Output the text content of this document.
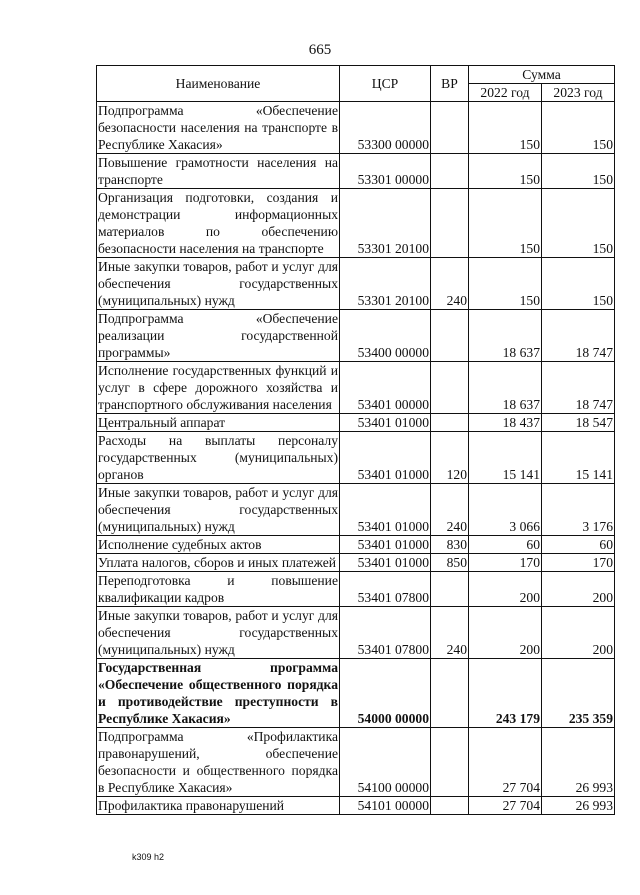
665
Наименование	ЦСР	ВР	Сумма	
			2022 год	2023 год
Подпрограмма «Обеспечение безопасности населения на транспорте в Республике Хакасия»	53300 00000		150	150
Повышение грамотности населения на транспорте	53301 00000		150	150
Организация подготовки, создания и демонстрации информационных материалов по обеспечению безопасности населения на транспорте	53301 20100		150	150
Иные закупки товаров, работ и услуг для обеспечения государственных (муниципальных) нужд	53301 20100	240	150	150
Подпрограмма «Обеспечение реализации государственной программы»	53400 00000		18 637	18 747
Исполнение государственных функций и услуг в сфере дорожного хозяйства и транспортного обслуживания населения	53401 00000		18 637	18 747
Центральный аппарат	53401 01000		18 437	18 547
Расходы на выплаты персоналу государственных (муниципальных) органов	53401 01000	120	15 141	15 141
Иные закупки товаров, работ и услуг для обеспечения государственных (муниципальных) нужд	53401 01000	240	3 066	3 176
Исполнение судебных актов	53401 01000	830	60	60
Уплата налогов, сборов и иных платежей	53401 01000	850	170	170
Переподготовка и повышение квалификации кадров	53401 07800		200	200
Иные закупки товаров, работ и услуг для обеспечения государственных (муниципальных) нужд	53401 07800	240	200	200
Государственная программа «Обеспечение общественного порядка и противодействие преступности в Республике Хакасия»	54000 00000		243 179	235 359
Подпрограмма «Профилактика правонарушений, обеспечение безопасности и общественного порядка в Республике Хакасия»	54100 00000		27 704	26 993
Профилактика правонарушений	54101 00000		27 704	26 993
k309 h2
